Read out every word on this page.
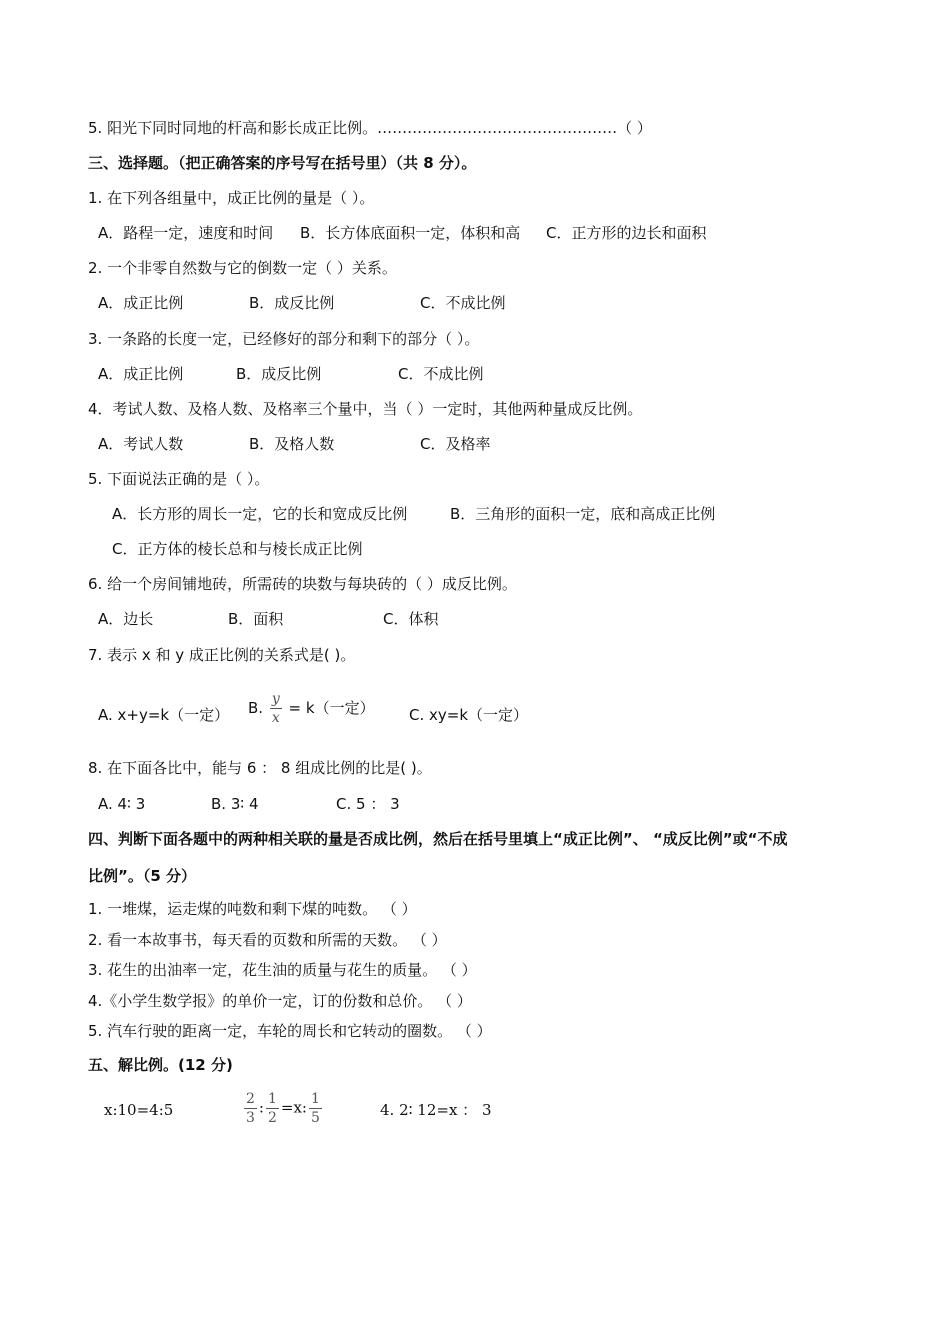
5. 阳光下同时同地的杆高和影长成正比例。…………………………………………（ ）
三、选择题。（把正确答案的序号写在括号里）（共 8 分）。
1. 在下列各组量中，成正比例的量是（ ）。
A．路程一定，速度和时间 B．长方体底面积一定，体积和高 C．正方形的边长和面积
2. 一个非零自然数与它的倒数一定（ ）关系。
A．成正比例	B．成反比例	C．不成比例
3. 一条路的长度一定，已经修好的部分和剩下的部分（ ）。
A．成正比例	B．成反比例	C．不成比例
4．考试人数、及格人数、及格率三个量中，当（ ）一定时，其他两种量成反比例。
A．考试人数	B．及格人数	C．及格率
5. 下面说法正确的是（ ）。
A．长方形的周长一定，它的长和宽成反比例	B．三角形的面积一定，底和高成正比例
C．正方体的棱长总和与棱长成正比例
6. 给一个房间铺地砖，所需砖的块数与每块砖的（ ）成反比例。
A．边长	B．面积	C．体积
7. 表示 x 和 y 成正比例的关系式是( )。
A. x+y=k（一定） B. $\frac{y}{x} = k$（一定） C. xy=k（一定）
8. 在下面各比中，能与 6 ： 8 组成比例的比是( )。
A. 4∶ 3	B. 3∶ 4	C. 5 ： 3
四、判断下面各题中的两种相关联的量是否成比例，然后在括号里填上“成正比例”、 “成反比例”或“不成
比例”。（5 分）
1. 一堆煤，运走煤的吨数和剩下煤的吨数。 （ ）
2. 看一本故事书，每天看的页数和所需的天数。 （ ）
3. 花生的出油率一定，花生油的质量与花生的质量。 （ ）
4.《小学生数学报》的单价一定，订的份数和总价。 （ ）
5. 汽车行驶的距离一定，车轮的周长和它转动的圈数。 （ ）
五、解比例。(12 分)
x:10=4:5	$\frac{2}{3}$ : $\frac{1}{2} =x$: $\frac{1}{5}$	4. 2∶ 12=x ： 3
